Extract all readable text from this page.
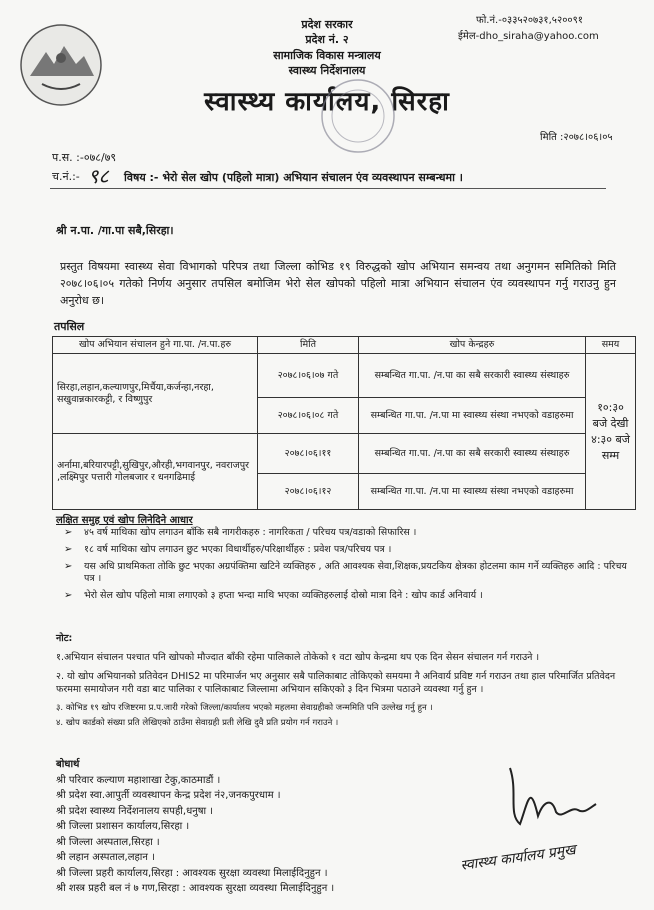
प्रदेश सरकार
प्रदेश नं. २
सामाजिक विकास मन्त्रालय
स्वास्थ्य निर्देशनालय
स्वास्थ्य कार्यालय, सिरहा
फो.नं.-०३३५२०७३१,५२००९१
ईमेल-dho_siraha@yahoo.com
मिति :२०७८।०६।०५
प.स. :-०७८/७९
च.नं.:- ९८ विषय :- भेरो सेल खोप (पहिलो मात्रा) अभियान संचालन एंव व्यवस्थापन सम्बन्धमा ।
श्री न.पा. /गा.पा सबै,सिरहा।
प्रस्तुत विषयमा स्वास्थ्य सेवा विभागको परिपत्र तथा जिल्ला कोभिड १९ विरुद्धको खोप अभियान समन्वय तथा अनुगमन समितिको मिति २०७८।०६।०५ गतेको निर्णय अनुसार तपसिल बमोजिम भेरो सेल खोपको पहिलो मात्रा अभियान संचालन एंव व्यवस्थापन गर्नु गराउनु हुन अनुरोध छ।
तपसिल
खोप अभियान संचालन हुने गा.पा. /न.पा.हरु	मिति	खोप केन्द्रहरु	समय
सिरहा,लहान,कल्याणपुर,मिर्चैया,कर्जन्हा,नरहा, सखुवान्नकारकट्टी, र विष्णुपुर	२०७८।०६।०७ गते	सम्बन्धित गा.पा. /न.पा का सबै सरकारी स्वास्थ्य संस्थाहरु	१०:३० बजे देखी ४:३० बजे सम्म
	२०७८।०६।०८ गते	सम्बन्धित गा.पा. /न.पा मा स्वास्थ्य संस्था नभएको वडाहरुमा	
अर्नामा,बरियारपट्टी,सुखिपुर,औरही,भगवानपुर, नवराजपुर ,लक्ष्मिपुर पत्तारी गोलबजार र धनगढिमाई	२०७८।०६।११	सम्बन्धित गा.पा. /न.पा का सबै सरकारी स्वास्थ्य संस्थाहरु	
	२०७८।०६।१२	सम्बन्धित गा.पा. /न.पा मा स्वास्थ्य संस्था नभएको वडाहरुमा	
लक्षित समुह एवं खोप लिनेदिने आधार
➢ ४५ वर्ष माथिका खोप लगाउन बाँकि सबै नागरीकहरु : नागरिकता / परिचय पत्र/वडाको सिफारिस ।
➢ १८ वर्ष माथिका खोप लगाउन छुट भएका विधार्थीहरु/परिक्षार्थीहरु : प्रवेश पत्र/परिचय पत्र ।
➢ यस अधि प्राथमिकता तोकि छुट भएका अग्रपंक्तिमा खटिने व्यक्तिहरु , अति आवश्यक सेवा,शिक्षक,प्रयटकिय क्षेत्रका होटलमा काम गर्ने व्यक्तिहरु आदि : परिचय पत्र ।
➢ भेरो सेल खोप पहिलो मात्रा लगाएको ३ हप्ता भन्दा माथि भएका व्यक्तिहरुलाई दोस्रो मात्रा दिने : खोप कार्ड अनिवार्य ।
नोट:
१.अभियान संचालन पश्चात पनि खोपको मौज्दात बाँकी रहेमा पालिकाले तोकेको १ वटा खोप केन्द्रमा थप एक दिन सेसन संचालन गर्न गराउने ।
२. यो खोप अभियानको प्रतिवेदन DHIS2 मा परिमार्जन भए अनुसार सबै पालिकाबाट तोकिएको समयमा नै अनिवार्य प्रविष्ट गर्न गराउन तथा हाल परिमार्जित प्रतिवेदन फरममा समायोजन गरी वडा बाट पालिका र पालिकाबाट जिल्लामा अभियान सकिएको ३ दिन भित्रमा पठाउने व्यवस्था गर्नु हुन ।
३. कोभिड १९ खोप रजिष्टरमा प्र.प.जारी गरेको जिल्ला/कार्यालय भएको महलमा सेवाग्रहीको जन्ममिति पनि उल्लेख गर्नु हुन ।
४. खोप कार्डको संख्या प्रति लेखिएको ठाउँमा सेवाग्रही प्रती लेखि दुवै प्रति प्रयोग गर्न गराउने ।
बोधार्थ
श्री परिवार कल्याण महाशाखा टेकु,काठमाडौं ।
श्री प्रदेश स्वा.आपुर्ती व्यवस्थापन केन्द्र प्रदेश नं२,जनकपुरधाम ।
श्री प्रदेश स्वास्थ्य निर्देशनालय सपही,धनुषा ।
श्री जिल्ला प्रशासन कार्यालय,सिरहा ।
श्री जिल्ला अस्पताल,सिरहा ।
श्री लहान अस्पताल,लहान ।
श्री जिल्ला प्रहरी कार्यालय,सिरहा : आवश्यक सुरक्षा व्यवस्था मिलाईदिनुहुन ।
श्री शस्त्र प्रहरी बल नं ७ गण,सिरहा : आवश्यक सुरक्षा व्यवस्था मिलाईदिनुहुन ।
स्वास्थ्य कार्यालय प्रमुख
